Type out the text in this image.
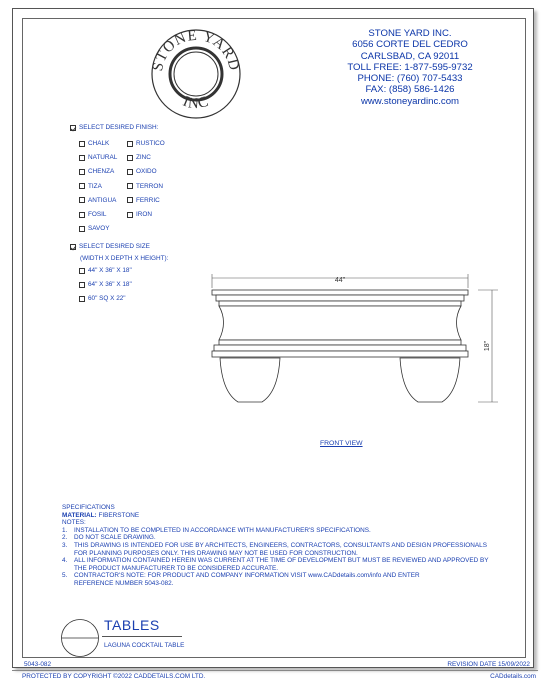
STONE YARD
INC
STONE YARD INC.
6056 CORTE DEL CEDRO
CARLSBAD, CA 92011
TOLL FREE: 1-877-595-9732
PHONE: (760) 707-5433
FAX: (858) 586-1426
www.stoneyardinc.com
SELECT DESIRED FINISH:
CHALK
NATURAL
CHENZA
TIZA
ANTIGUA
FOSIL
SAVOY
RUSTICO
ZINC
OXIDO
TERRON
FERRIC
IRON
SELECT DESIRED SIZE
(WIDTH X DEPTH X HEIGHT):
44" X 36" X 18"
64" X 36" X 18"
60" SQ X 22"
44"
18"
FRONT VIEW
SPECIFICATIONS
MATERIAL: FIBERSTONE
NOTES:
1.	INSTALLATION TO BE COMPLETED IN ACCORDANCE WITH MANUFACTURER'S SPECIFICATIONS.
2.	DO NOT SCALE DRAWING.
3.	THIS DRAWING IS INTENDED FOR USE BY ARCHITECTS, ENGINEERS, CONTRACTORS, CONSULTANTS AND DESIGN PROFESSIONALS
FOR PLANNING PURPOSES ONLY. THIS DRAWING MAY NOT BE USED FOR CONSTRUCTION.
4.	ALL INFORMATION CONTAINED HEREIN WAS CURRENT AT THE TIME OF DEVELOPMENT BUT MUST BE REVIEWED AND APPROVED BY
THE PRODUCT MANUFACTURER TO BE CONSIDERED ACCURATE.
5.	CONTRACTOR'S NOTE: FOR PRODUCT AND COMPANY INFORMATION VISIT www.CADdetails.com/info AND ENTER
REFERENCE NUMBER 5043-082.
TABLES
LAGUNA COCKTAIL TABLE
5043-082	REVISION DATE 15/09/2022
PROTECTED BY COPYRIGHT ©2022 CADDETAILS.COM LTD.	CADdetails.com
